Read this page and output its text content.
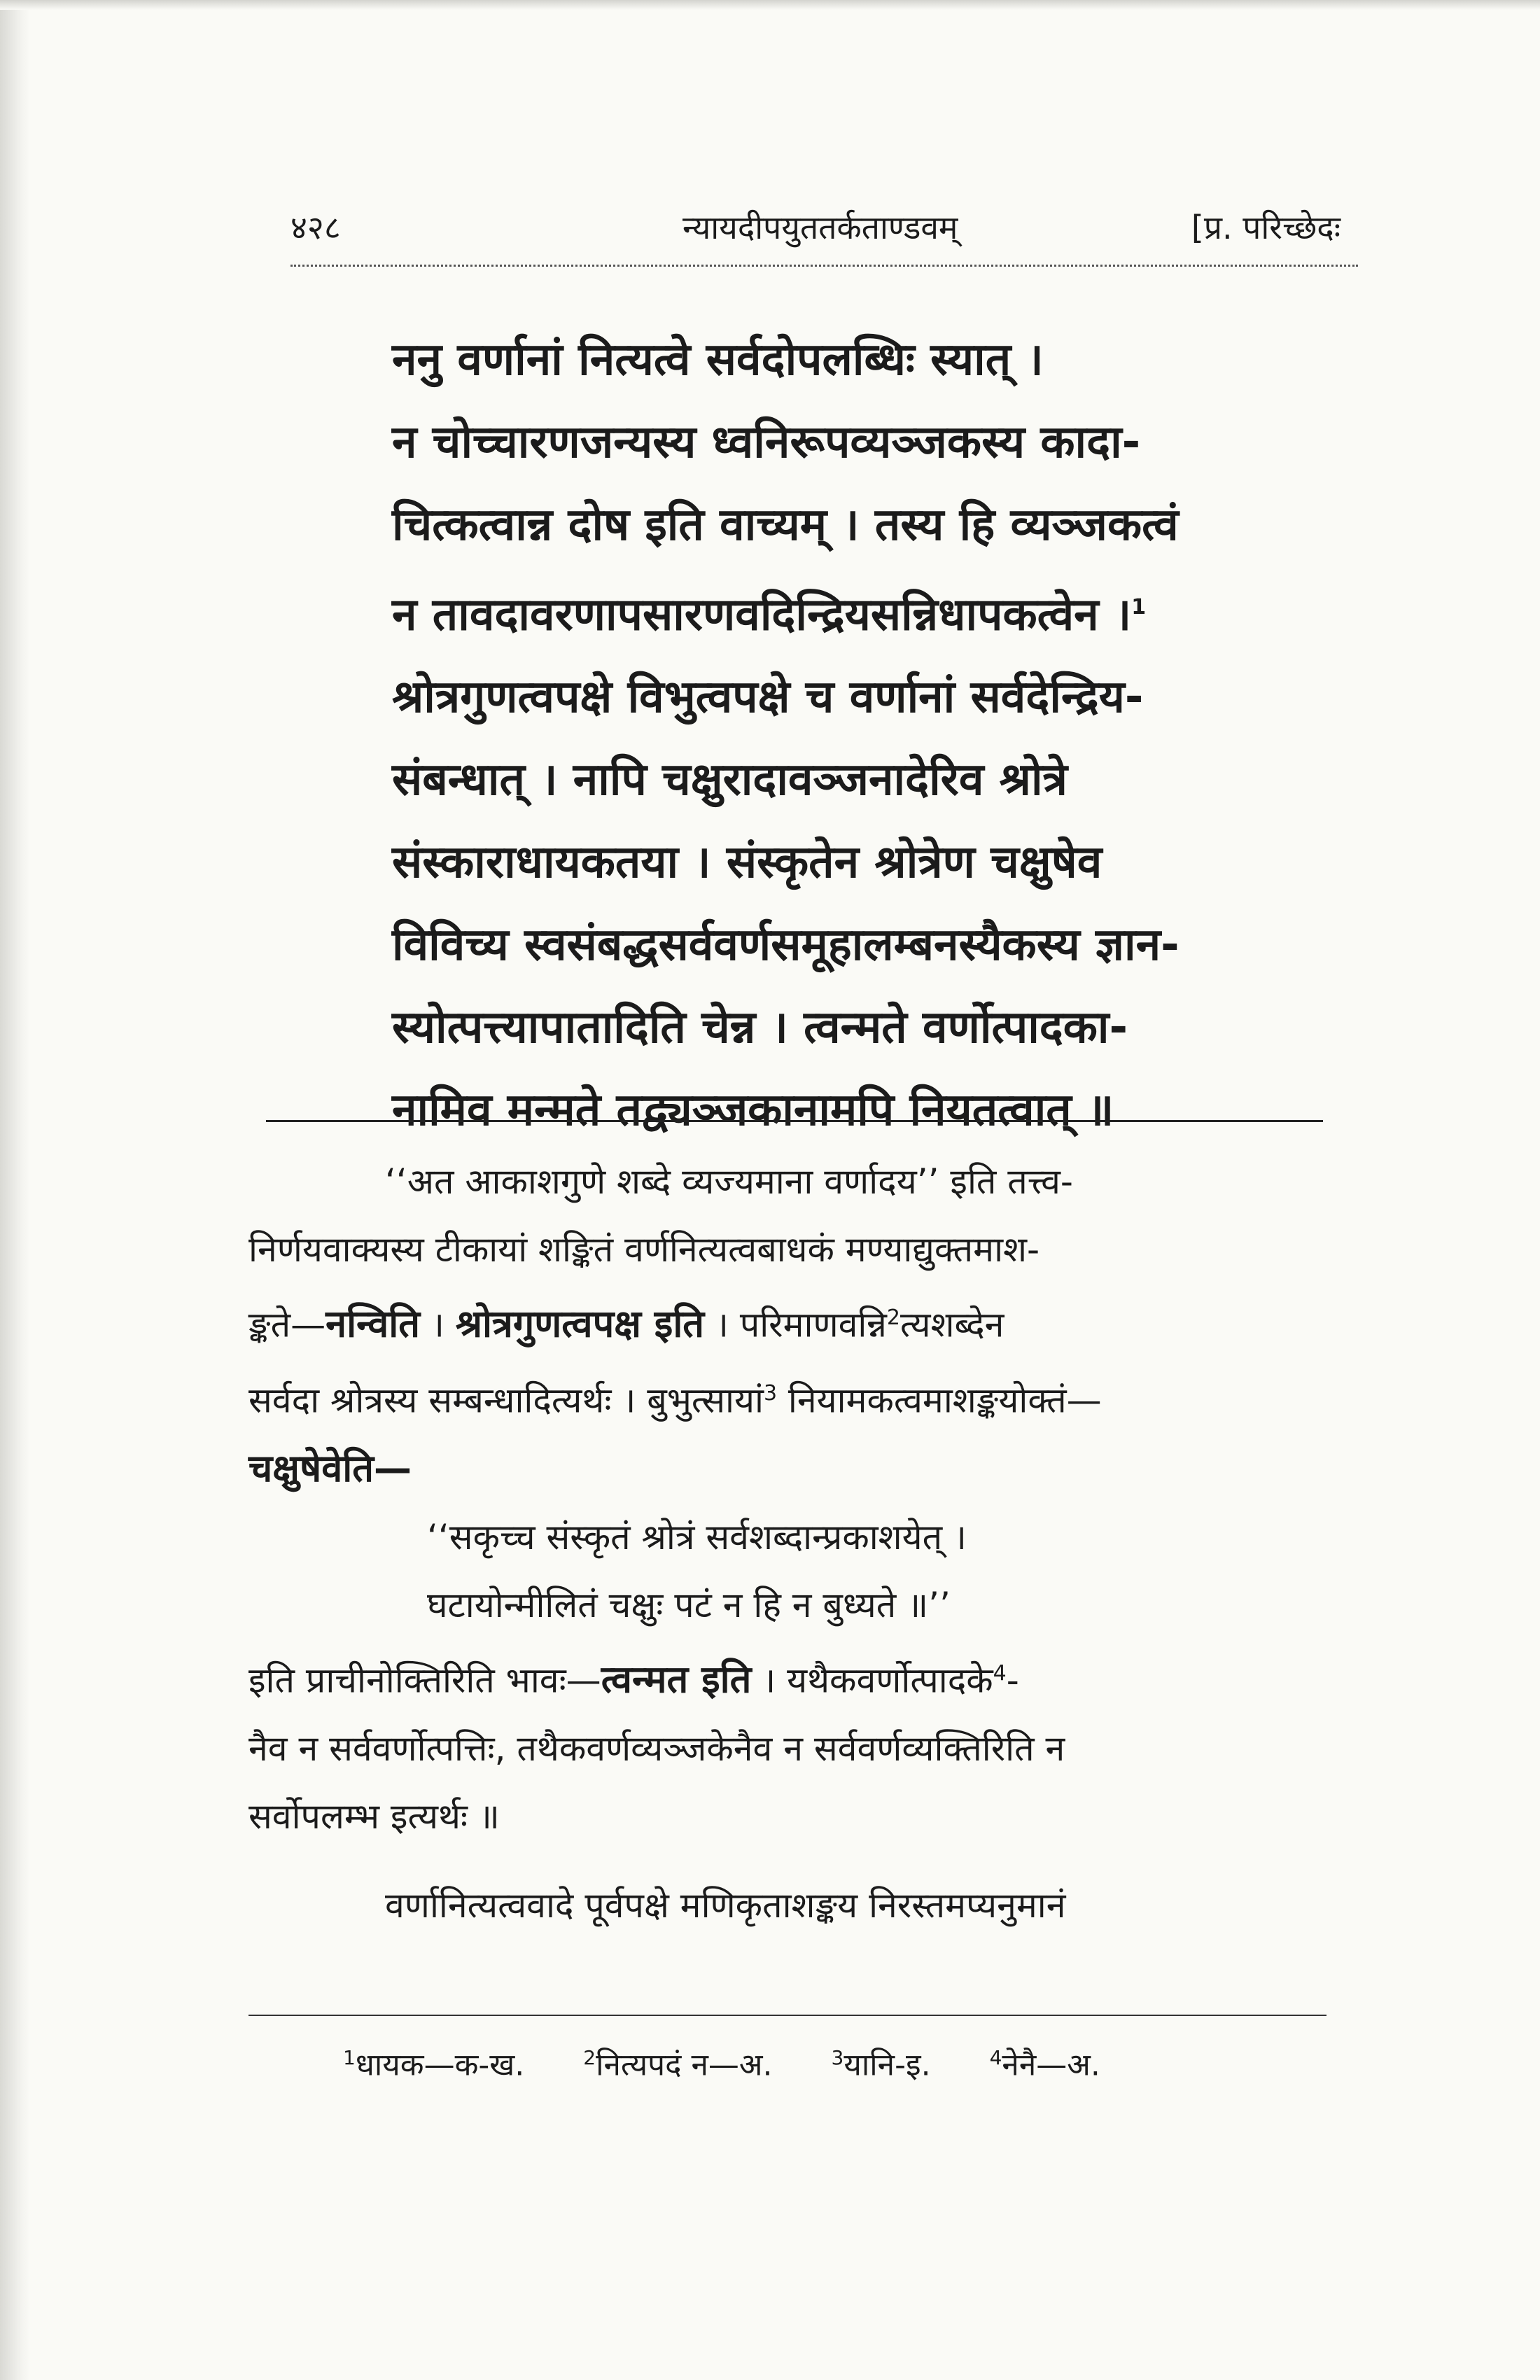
४२८	न्यायदीपयुततर्कताण्डवम्	[प्र. परिच्छेदः
ननु वर्णानां नित्यत्वे सर्वदोपलब्धिः स्यात् ।
न चोच्चारणजन्यस्य ध्वनिरूपव्यञ्जकस्य कादा-
चित्कत्वान्न दोष इति वाच्यम् । तस्य हि व्यञ्जकत्वं
न तावदावरणापसारणवदिन्द्रियसन्निधापकत्वेन ।$^1$
श्रोत्रगुणत्वपक्षे विभुत्वपक्षे च वर्णानां सर्वदेन्द्रिय-
संबन्धात् । नापि चक्षुरादावञ्जनादेरिव श्रोत्रे
संस्काराधायकतया । संस्कृतेन श्रोत्रेण चक्षुषेव
विविच्य स्वसंबद्धसर्ववर्णसमूहालम्बनस्यैकस्य ज्ञान-
स्योत्पत्त्यापातादिति चेन्न । त्वन्मते वर्णोत्पादका-
नामिव मन्मते तद्व्यञ्जकानामपि नियतत्वात् ॥
‘‘अत आकाशगुणे शब्दे व्यज्यमाना वर्णादय’’ इति तत्त्व-
निर्णयवाक्यस्य टीकायां शङ्कितं वर्णनित्यत्वबाधकं मण्याद्युक्तमाश-
ङ्कते—नन्विति । श्रोत्रगुणत्वपक्ष इति । परिमाणवन्नि$^2$त्यशब्देन
सर्वदा श्रोत्रस्य सम्बन्धादित्यर्थः । बुभुत्सायां$^3$ नियामकत्वमाशङ्कयोक्तं—
चक्षुषेवेति—
‘‘सकृच्च संस्कृतं श्रोत्रं सर्वशब्दान्प्रकाशयेत् ।
घटायोन्मीलितं चक्षुः पटं न हि न बुध्यते ॥’’
इति प्राचीनोक्तिरिति भावः—त्वन्मत इति । यथैकवर्णोत्पादके$^4$-
नैव न सर्ववर्णोत्पत्तिः, तथैकवर्णव्यञ्जकेनैव न सर्ववर्णव्यक्तिरिति न
सर्वोपलम्भ इत्यर्थः ॥
वर्णानित्यत्ववादे पूर्वपक्षे मणिकृताशङ्कय निरस्तमप्यनुमानं
$^1$धायक—क-ख.	$^2$नित्यपदं न—अ.	$^3$यानि-इ.	$^4$नेनै—अ.
